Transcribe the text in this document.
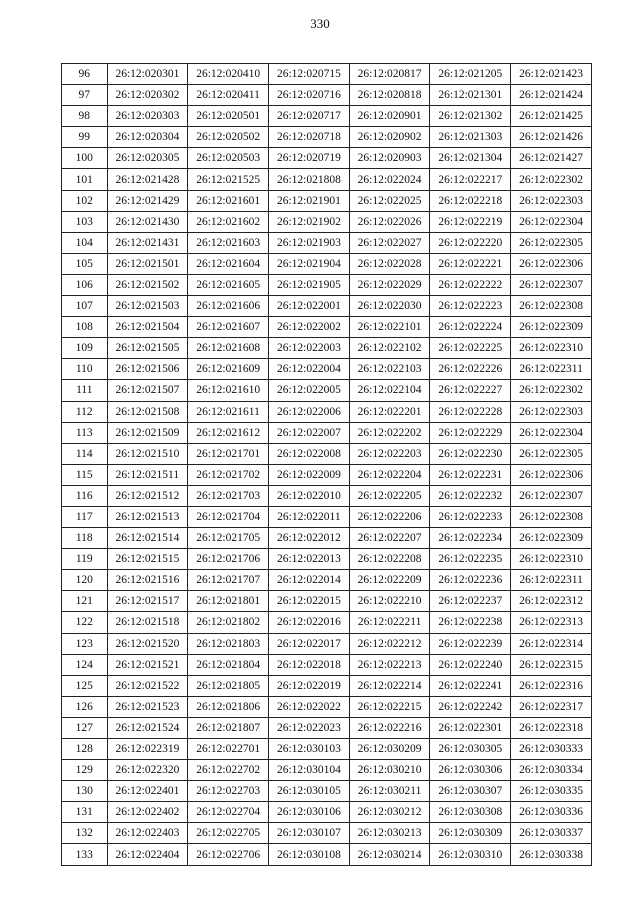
330
96	26:12:020301	26:12:020410	26:12:020715	26:12:020817	26:12:021205	26:12:021423
97	26:12:020302	26:12:020411	26:12:020716	26:12:020818	26:12:021301	26:12:021424
98	26:12:020303	26:12:020501	26:12:020717	26:12:020901	26:12:021302	26:12:021425
99	26:12:020304	26:12:020502	26:12:020718	26:12:020902	26:12:021303	26:12:021426
100	26:12:020305	26:12:020503	26:12:020719	26:12:020903	26:12:021304	26:12:021427
101	26:12:021428	26:12:021525	26:12:021808	26:12:022024	26:12:022217	26:12:022302
102	26:12:021429	26:12:021601	26:12:021901	26:12:022025	26:12:022218	26:12:022303
103	26:12:021430	26:12:021602	26:12:021902	26:12:022026	26:12:022219	26:12:022304
104	26:12:021431	26:12:021603	26:12:021903	26:12:022027	26:12:022220	26:12:022305
105	26:12:021501	26:12:021604	26:12:021904	26:12:022028	26:12:022221	26:12:022306
106	26:12:021502	26:12:021605	26:12:021905	26:12:022029	26:12:022222	26:12:022307
107	26:12:021503	26:12:021606	26:12:022001	26:12:022030	26:12:022223	26:12:022308
108	26:12:021504	26:12:021607	26:12:022002	26:12:022101	26:12:022224	26:12:022309
109	26:12:021505	26:12:021608	26:12:022003	26:12:022102	26:12:022225	26:12:022310
110	26:12:021506	26:12:021609	26:12:022004	26:12:022103	26:12:022226	26:12:022311
111	26:12:021507	26:12:021610	26:12:022005	26:12:022104	26:12:022227	26:12:022302
112	26:12:021508	26:12:021611	26:12:022006	26:12:022201	26:12:022228	26:12:022303
113	26:12:021509	26:12:021612	26:12:022007	26:12:022202	26:12:022229	26:12:022304
114	26:12:021510	26:12:021701	26:12:022008	26:12:022203	26:12:022230	26:12:022305
115	26:12:021511	26:12:021702	26:12:022009	26:12:022204	26:12:022231	26:12:022306
116	26:12:021512	26:12:021703	26:12:022010	26:12:022205	26:12:022232	26:12:022307
117	26:12:021513	26:12:021704	26:12:022011	26:12:022206	26:12:022233	26:12:022308
118	26:12:021514	26:12:021705	26:12:022012	26:12:022207	26:12:022234	26:12:022309
119	26:12:021515	26:12:021706	26:12:022013	26:12:022208	26:12:022235	26:12:022310
120	26:12:021516	26:12:021707	26:12:022014	26:12:022209	26:12:022236	26:12:022311
121	26:12:021517	26:12:021801	26:12:022015	26:12:022210	26:12:022237	26:12:022312
122	26:12:021518	26:12:021802	26:12:022016	26:12:022211	26:12:022238	26:12:022313
123	26:12:021520	26:12:021803	26:12:022017	26:12:022212	26:12:022239	26:12:022314
124	26:12:021521	26:12:021804	26:12:022018	26:12:022213	26:12:022240	26:12:022315
125	26:12:021522	26:12:021805	26:12:022019	26:12:022214	26:12:022241	26:12:022316
126	26:12:021523	26:12:021806	26:12:022022	26:12:022215	26:12:022242	26:12:022317
127	26:12:021524	26:12:021807	26:12:022023	26:12:022216	26:12:022301	26:12:022318
128	26:12:022319	26:12:022701	26:12:030103	26:12:030209	26:12:030305	26:12:030333
129	26:12:022320	26:12:022702	26:12:030104	26:12:030210	26:12:030306	26:12:030334
130	26:12:022401	26:12:022703	26:12:030105	26:12:030211	26:12:030307	26:12:030335
131	26:12:022402	26:12:022704	26:12:030106	26:12:030212	26:12:030308	26:12:030336
132	26:12:022403	26:12:022705	26:12:030107	26:12:030213	26:12:030309	26:12:030337
133	26:12:022404	26:12:022706	26:12:030108	26:12:030214	26:12:030310	26:12:030338
